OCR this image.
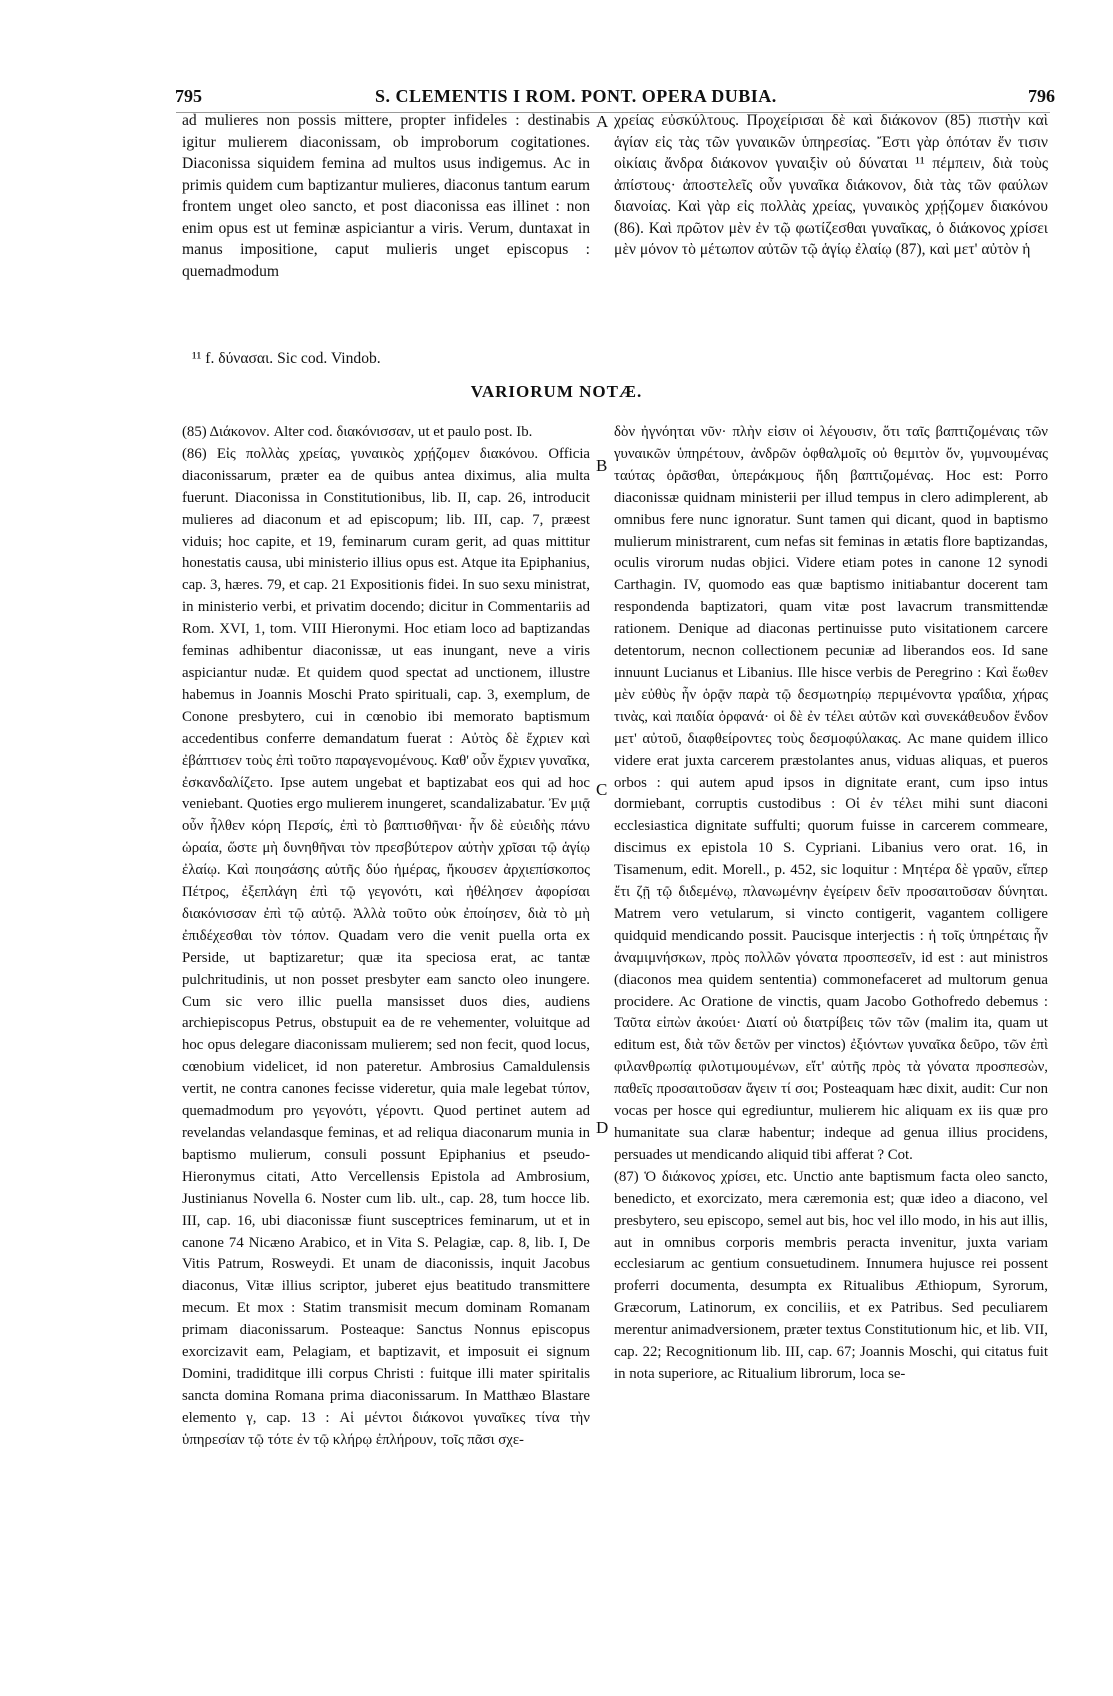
795	S. CLEMENTIS I ROM. PONT. OPERA DUBIA.	796

ad mulieres non possis mittere, propter infideles : destinabis igitur mulierem diaconissam, ob improborum cogitationes. Diaconissa siquidem femina ad multos usus indigemus. Ac in primis quidem cum baptizantur mulieres, diaconus tantum earum frontem unget oleo sancto, et post diaconissa eas illinet : non enim opus est ut feminæ aspiciantur a viris. Verum, duntaxat in manus impositione, caput mulieris unget episcopus : quemadmodum

A χρείας εὐσκύλτους. Προχείρισαι δὲ καὶ διάκονον (85) πιστὴν καὶ ἁγίαν εἰς τὰς τῶν γυναικῶν ὑπηρεσίας. Ἔστι γὰρ ὁπόταν ἔν τισιν οἰκίαις ἄνδρα διάκονον γυναιξὶν οὐ δύναται ¹¹ πέμπειν, διὰ τοὺς ἀπίστους· ἀποστελεῖς οὖν γυναῖκα διάκονον, διὰ τὰς τῶν φαύλων διανοίας. Καὶ γὰρ εἰς πολλὰς χρείας, γυναικὸς χρῄζομεν διακόνου (86). Καὶ πρῶτον μὲν ἐν τῷ φωτίζεσθαι γυναῖκας, ὁ διάκονος χρίσει μὲν μόνον τὸ μέτωπον αὐτῶν τῷ ἁγίῳ ἐλαίῳ (87), καὶ μετ' αὐτὸν ἡ

¹¹ f. δύνασαι. Sic cod. Vindob.
VARIORUM NOTÆ.

(85) Διάκονον. Alter cod. διακόνισσαν, ut et paulo post. Ib.

(86) Εἰς πολλὰς χρείας, γυναικὸς χρῄζομεν διακόνου. Officia diaconissarum, præter ea de quibus antea diximus, alia multa fuerunt. Diaconissa in Constitutionibus, lib. II, cap. 26, introducit mulieres ad diaconum et ad episcopum; lib. III, cap. 7, præest viduis; hoc capite, et 19, feminarum curam gerit, ad quas mittitur honestatis causa, ubi ministerio illius opus est. Atque ita Epiphanius, cap. 3, hæres. 79, et cap. 21 Expositionis fidei. In suo sexu ministrat, in ministerio verbi, et privatim docendo; dicitur in Commentariis ad Rom. XVI, 1, tom. VIII Hieronymi. Hoc etiam loco ad baptizandas feminas adhibentur diaconissæ, ut eas inungant, neve a viris aspiciantur nudæ. Et quidem quod spectat ad unctionem, illustre habemus in Joannis Moschi Prato spirituali, cap. 3, exemplum, de Conone presbytero, cui in cœnobio ibi memorato baptismum accedentibus conferre demandatum fuerat : Αὐτὸς δὲ ἔχριεν καὶ ἐβάπτισεν τοὺς ἐπὶ τοῦτο παραγενομένους. Καθ' οὖν ἔχριεν γυναῖκα, ἐσκανδαλίζετο. Ipse autem ungebat et baptizabat eos qui ad hoc veniebant. Quoties ergo mulierem inungeret, scandalizabatur. Ἐν μιᾷ οὖν ἦλθεν κόρη Περσίς, ἐπὶ τὸ βαπτισθῆναι· ἦν δὲ εὐειδὴς πάνυ ὡραία, ὥστε μὴ δυνηθῆναι τὸν πρεσβύτερον αὐτὴν χρῖσαι τῷ ἁγίῳ ἐλαίῳ. Καὶ ποιησάσης αὐτῆς δύο ἡμέρας, ἤκουσεν ἀρχιεπίσκοπος Πέτρος, ἐξεπλάγη ἐπὶ τῷ γεγονότι, καὶ ἠθέλησεν ἀφορίσαι διακόνισσαν ἐπὶ τῷ αὐτῷ. Ἀλλὰ τοῦτο οὐκ ἐποίησεν, διὰ τὸ μὴ ἐπιδέχεσθαι τὸν τόπον. Quadam vero die venit puella orta ex Perside, ut baptizaretur; quæ ita speciosa erat, ac tantæ pulchritudinis, ut non posset presbyter eam sancto oleo inungere. Cum sic vero illic puella mansisset duos dies, audiens archiepiscopus Petrus, obstupuit ea de re vehementer, voluitque ad hoc opus delegare diaconissam mulierem; sed non fecit, quod locus, cœnobium videlicet, id non pateretur. Ambrosius Camaldulensis vertit, ne contra canones fecisse videretur, quia male legebat τύπον, quemadmodum pro γεγονότι, γέροντι. Quod pertinet autem ad revelandas velandasque feminas, et ad reliqua diaconarum munia in baptismo mulierum, consuli possunt Epiphanius et pseudo-Hieronymus citati, Atto Vercellensis Epistola ad Ambrosium, Justinianus Novella 6. Noster cum lib. ult., cap. 28, tum hocce lib. III, cap. 16, ubi diaconissæ fiunt susceptrices feminarum, ut et in canone 74 Nicæno Arabico, et in Vita S. Pelagiæ, cap. 8, lib. I, De Vitis Patrum, Rosweydi. Et unam de diaconissis, inquit Jacobus diaconus, Vitæ illius scriptor, juberet ejus beatitudo transmittere mecum. Et mox : Statim transmisit mecum dominam Romanam primam diaconissarum. Posteaque: Sanctus Nonnus episcopus exorcizavit eam, Pelagiam, et baptizavit, et imposuit ei signum Domini, tradiditque illi corpus Christi : fuitque illi mater spiritalis sancta domina Romana prima diaconissarum. In Matthæo Blastare elemento γ, cap. 13 : Αἱ μέντοι διάκονοι γυναῖκες τίνα τὴν ὑπηρεσίαν τῷ τότε ἐν τῷ κλήρῳ ἐπλήρουν, τοῖς πᾶσι σχε-

B
C
D

δὸν ἠγνόηται νῦν· πλὴν εἰσιν οἱ λέγουσιν, ὅτι ταῖς βαπτιζομέναις τῶν γυναικῶν ὑπηρέτουν, ἀνδρῶν ὀφθαλμοῖς οὐ θεμιτὸν ὄν, γυμνουμένας ταύτας ὁρᾶσθαι, ὑπεράκμους ἤδη βαπτιζομένας. Hoc est: Porro diaconissæ quidnam ministerii per illud tempus in clero adimplerent, ab omnibus fere nunc ignoratur. Sunt tamen qui dicant, quod in baptismo mulierum ministrarent, cum nefas sit feminas in ætatis flore baptizandas, oculis virorum nudas objici. Videre etiam potes in canone 12 synodi Carthagin. IV, quomodo eas quæ baptismo initiabantur docerent tam respondenda baptizatori, quam vitæ post lavacrum transmittendæ rationem. Denique ad diaconas pertinuisse puto visitationem carcere detentorum, necnon collectionem pecuniæ ad liberandos eos. Id sane innuunt Lucianus et Libanius. Ille hisce verbis de Peregrino : Καὶ ἕωθεν μὲν εὐθὺς ἦν ὁρᾷν παρὰ τῷ δεσμωτηρίῳ περιμένοντα γραΐδια, χήρας τινὰς, καὶ παιδία ὀρφανά· οἱ δὲ ἐν τέλει αὐτῶν καὶ συνεκάθευδον ἔνδον μετ' αὐτοῦ, διαφθείροντες τοὺς δεσμοφύλακας. Ac mane quidem illico videre erat juxta carcerem præstolantes anus, viduas aliquas, et pueros orbos : qui autem apud ipsos in dignitate erant, cum ipso intus dormiebant, corruptis custodibus : Οἱ ἐν τέλει mihi sunt diaconi ecclesiastica dignitate suffulti; quorum fuisse in carcerem commeare, discimus ex epistola 10 S. Cypriani. Libanius vero orat. 16, in Tisamenum, edit. Morell., p. 452, sic loquitur : Μητέρα δὲ γραῦν, εἴπερ ἔτι ζῇ τῷ διδεμένῳ, πλανωμένην ἐγείρειν δεῖν προσαιτοῦσαν δύνηται. Matrem vero vetularum, si vincto contigerit, vagantem colligere quidquid mendicando possit. Paucisque interjectis : ἡ τοῖς ὑπηρέταις ἦν ἀναμιμνήσκων, πρὸς πολλῶν γόνατα προσπεσεῖν, id est : aut ministros (diaconos mea quidem sententia) commonefaceret ad multorum genua procidere. Ac Oratione de vinctis, quam Jacobo Gothofredo debemus : Ταῦτα εἰπὼν ἀκούει· Διατί οὐ διατρίβεις τῶν τῶν (malim ita, quam ut editum est, διὰ τῶν δετῶν per vinctos) ἐξιόντων γυναῖκα δεῦρο, τῶν ἐπὶ φιλανθρωπίᾳ φιλοτιμουμένων, εἴτ' αὐτῆς πρὸς τὰ γόνατα προσπεσὼν, παθεῖς προσαιτοῦσαν ἄγειν τί σοι; Posteaquam hæc dixit, audit: Cur non vocas per hosce qui egrediuntur, mulierem hic aliquam ex iis quæ pro humanitate sua claræ habentur; indeque ad genua illius procidens, persuades ut mendicando aliquid tibi afferat ? Cot.

(87) Ὁ διάκονος χρίσει, etc. Unctio ante baptismum facta oleo sancto, benedicto, et exorcizato, mera cæremonia est; quæ ideo a diacono, vel presbytero, seu episcopo, semel aut bis, hoc vel illo modo, in his aut illis, aut in omnibus corporis membris peracta invenitur, juxta variam ecclesiarum ac gentium consuetudinem. Innumera hujusce rei possent proferri documenta, desumpta ex Ritualibus Æthiopum, Syrorum, Græcorum, Latinorum, ex conciliis, et ex Patribus. Sed peculiarem merentur animadversionem, præter textus Constitutionum hic, et lib. VII, cap. 22; Recognitionum lib. III, cap. 67; Joannis Moschi, qui citatus fuit in nota superiore, ac Ritualium librorum, loca se-
